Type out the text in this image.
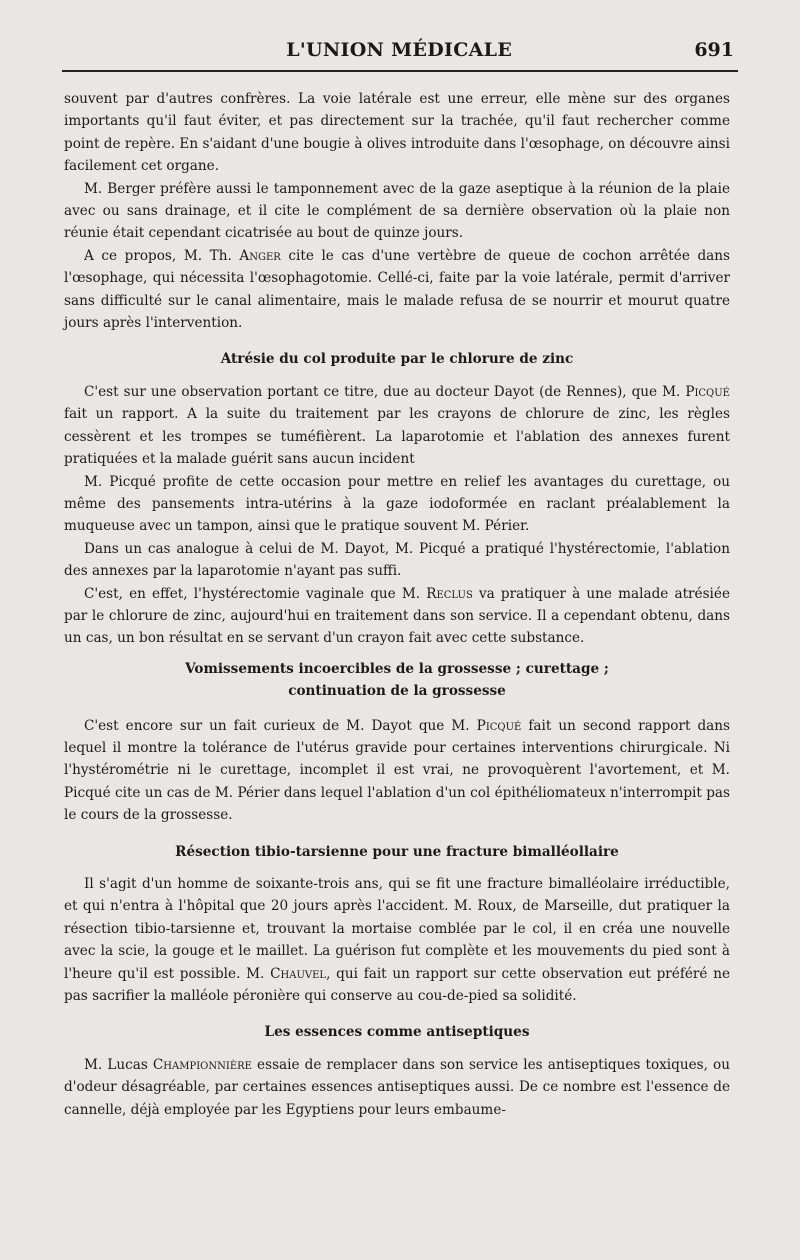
L'UNION MÉDICALE	691

souvent par d'autres confrères. La voie latérale est une erreur, elle mène sur des organes importants qu'il faut éviter, et pas directement sur la trachée, qu'il faut rechercher comme point de repère. En s'aidant d'une bougie à olives introduite dans l'œsophage, on découvre ainsi facilement cet organe.

M. Berger préfère aussi le tamponnement avec de la gaze aseptique à la réunion de la plaie avec ou sans drainage, et il cite le complément de sa dernière observation où la plaie non réunie était cependant cicatrisée au bout de quinze jours.

A ce propos, M. Th. Anger cite le cas d'une vertèbre de queue de cochon arrêtée dans l'œsophage, qui nécessita l'œsophagotomie. Cellé-ci, faite par la voie latérale, permit d'arriver sans difficulté sur le canal alimentaire, mais le malade refusa de se nourrir et mourut quatre jours après l'intervention.

Atrésie du col produite par le chlorure de zinc

C'est sur une observation portant ce titre, due au docteur Dayot (de Rennes), que M. Picqué fait un rapport. A la suite du traitement par les crayons de chlorure de zinc, les règles cessèrent et les trompes se tuméfièrent. La laparotomie et l'ablation des annexes furent pratiquées et la malade guérit sans aucun incident

M. Picqué profite de cette occasion pour mettre en relief les avantages du curettage, ou même des pansements intra-utérins à la gaze iodoformée en raclant préalablement la muqueuse avec un tampon, ainsi que le pratique souvent M. Périer.

Dans un cas analogue à celui de M. Dayot, M. Picqué a pratiqué l'hystérectomie, l'ablation des annexes par la laparotomie n'ayant pas suffi.

C'est, en effet, l'hystérectomie vaginale que M. Reclus va pratiquer à une malade atrésiée par le chlorure de zinc, aujourd'hui en traitement dans son service. Il a cependant obtenu, dans un cas, un bon résultat en se servant d'un crayon fait avec cette substance.

Vomissements incoercibles de la grossesse ; curettage ;
continuation de la grossesse

C'est encore sur un fait curieux de M. Dayot que M. Picqué fait un second rapport dans lequel il montre la tolérance de l'utérus gravide pour certaines interventions chirurgicale. Ni l'hystérométrie ni le curettage, incomplet il est vrai, ne provoquèrent l'avortement, et M. Picqué cite un cas de M. Périer dans lequel l'ablation d'un col épithéliomateux n'interrompit pas le cours de la grossesse.

Résection tibio-tarsienne pour une fracture bimalléollaire

Il s'agit d'un homme de soixante-trois ans, qui se fit une fracture bimalléolaire irréductible, et qui n'entra à l'hôpital que 20 jours après l'accident. M. Roux, de Marseille, dut pratiquer la résection tibio-tarsienne et, trouvant la mortaise comblée par le col, il en créa une nouvelle avec la scie, la gouge et le maillet. La guérison fut complète et les mouvements du pied sont à l'heure qu'il est possible. M. Chauvel, qui fait un rapport sur cette observation eut préféré ne pas sacrifier la malléole péronière qui conserve au cou-de-pied sa solidité.

Les essences comme antiseptiques

M. Lucas Championnière essaie de remplacer dans son service les antiseptiques toxiques, ou d'odeur désagréable, par certaines essences antiseptiques aussi. De ce nombre est l'essence de cannelle, déjà employée par les Egyptiens pour leurs embaume-
